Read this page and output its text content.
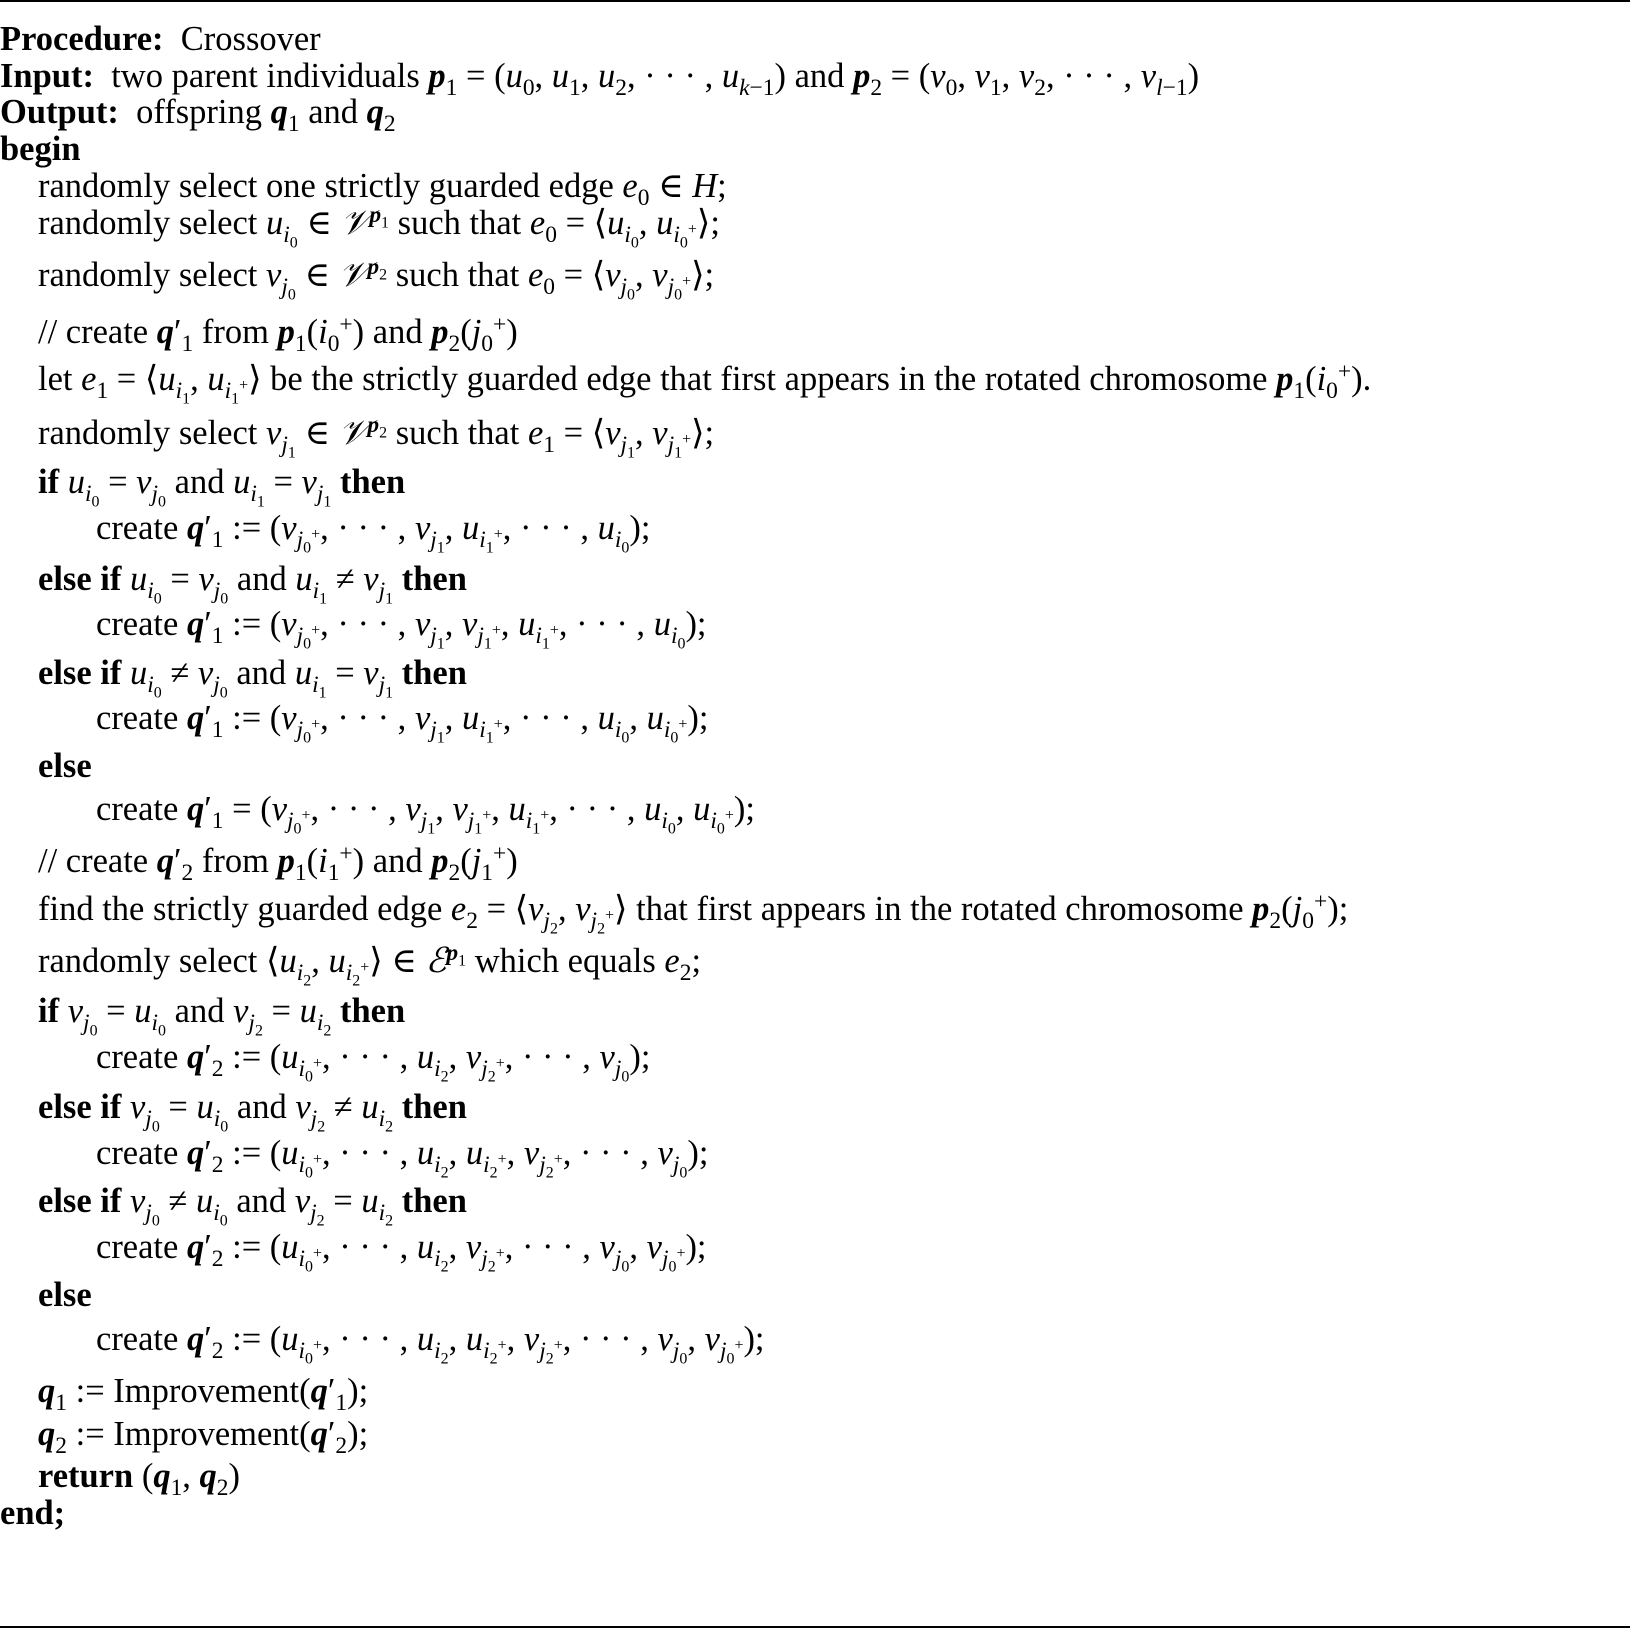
Procedure: Crossover
Input:  two parent individuals $p_1 = (u_0$, $u_1$, $u_2$, · · · , $u_{k-1}$) and $p_2 = (v_0$, $v_1$, $v_2$, · · · , $v_{l-1}$)
Output:  offspring $q_1$ and $q_2$
begin
randomly select one strictly guarded edge $e_0$ ∈ H;
randomly select $u_{i_0}$ ∈ 𝒱$^{p_1}$ such that $e_0$ = $⟨u_{i_0}$, $u_{i_0^+}⟩$;
randomly select $v_{j_0}$ ∈ 𝒱$^{p_2}$ such that $e_0$ = $⟨v_{j_0}$, $v_{j_0^+}⟩$;
// create $q'_1$ from $p_1(i_0^+)$ and $p_2(j_0^+)$
let $e_1$ = $⟨u_{i_1}$, $u_{i_1^+}⟩$ be the strictly guarded edge that first appears in the rotated chromosome $p_1(i_0^+)$.
randomly select $v_{j_1}$ ∈ 𝒱$^{p_2}$ such that $e_1$ = $⟨v_{j_1}$, $v_{j_1^+}⟩$;
if $u_{i_0} = v_{j_0}$ and $u_{i_1} = v_{j_1}$ then
create $q'_1$ := ($v_{j_0^+}$, · · · , $v_{j_1}$, $u_{i_1^+}$, · · · , $u_{i_0}$);
else if $u_{i_0} = v_{j_0}$ and $u_{i_1} \ne v_{j_1}$ then
create $q'_1$ := ($v_{j_0^+}$, · · · , $v_{j_1}$, $v_{j_1^+}$, $u_{i_1^+}$, · · · , $u_{i_0}$);
else if $u_{i_0} \ne v_{j_0}$ and $u_{i_1} = v_{j_1}$ then
create $q'_1$ := ($v_{j_0^+}$, · · · , $v_{j_1}$, $u_{i_1^+}$, · · · , $u_{i_0}$, $u_{i_0^+}$);
else
create $q'_1 = (v_{j_0^+}$, · · · , $v_{j_1}$, $v_{j_1^+}$, $u_{i_1^+}$, · · · , $u_{i_0}$, $u_{i_0^+}$);
// create $q'_2$ from $p_1(i_1^+)$ and $p_2(j_1^+)$
find the strictly guarded edge $e_2$ = $⟨v_{j_2}$, $v_{j_2^+}⟩$ that first appears in the rotated chromosome $p_2(j_0^+)$;
randomly select $⟨u_{i_2}$, $u_{i_2^+}⟩$ ∈ ℰ$^{p_1}$ which equals $e_2$;
if $v_{j_0} = u_{i_0}$ and $v_{j_2} = u_{i_2}$ then
create $q'_2$ := ($u_{i_0^+}$, · · · , $u_{i_2}$, $v_{j_2^+}$, · · · , $v_{j_0}$);
else if $v_{j_0} = u_{i_0}$ and $v_{j_2} \ne u_{i_2}$ then
create $q'_2$ := ($u_{i_0^+}$, · · · , $u_{i_2}$, $u_{i_2^+}$, $v_{j_2^+}$, · · · , $v_{j_0}$);
else if $v_{j_0} \ne u_{i_0}$ and $v_{j_2} = u_{i_2}$ then
create $q'_2$ := ($u_{i_0^+}$, · · · , $u_{i_2}$, $v_{j_2^+}$, · · · , $v_{j_0}$, $v_{j_0^+}$);
else
create $q'_2$ := ($u_{i_0^+}$, · · · , $u_{i_2}$, $u_{i_2^+}$, $v_{j_2^+}$, · · · , $v_{j_0}$, $v_{j_0^+}$);
$q_1$ := $Improvement(q'_1)$;
$q_2$ := $Improvement(q'_2)$;
return ($q_1$, $q_2$)
end;
